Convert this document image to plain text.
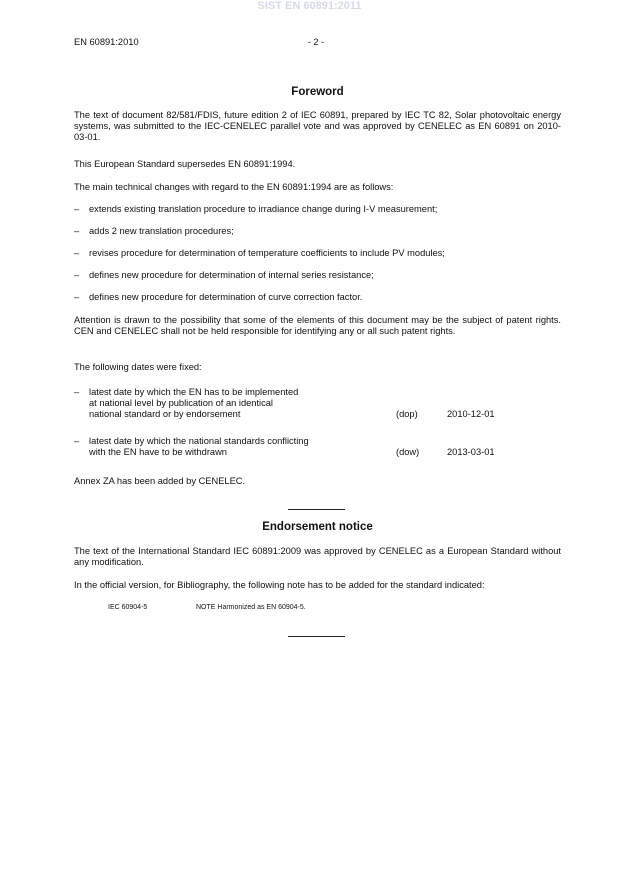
SIST EN 60891:2011
EN 60891:2010	- 2 -
Foreword
The text of document 82/581/FDIS, future edition 2 of IEC 60891, prepared by IEC TC 82, Solar photovoltaic energy systems, was submitted to the IEC-CENELEC parallel vote and was approved by CENELEC as EN 60891 on 2010-03-01.
This European Standard supersedes EN 60891:1994.
The main technical changes with regard to the EN 60891:1994 are as follows:
– extends existing translation procedure to irradiance change during I-V measurement;
– adds 2 new translation procedures;
– revises procedure for determination of temperature coefficients to include PV modules;
– defines new procedure for determination of internal series resistance;
– defines new procedure for determination of curve correction factor.
Attention is drawn to the possibility that some of the elements of this document may be the subject of patent rights. CEN and CENELEC shall not be held responsible for identifying any or all such patent rights.
The following dates were fixed:
– latest date by which the EN has to be implemented
at national level by publication of an identical
national standard or by endorsement	(dop)	2010-12-01
– latest date by which the national standards conflicting
with the EN have to be withdrawn	(dow)	2013-03-01
Annex ZA has been added by CENELEC.
Endorsement notice
The text of the International Standard IEC 60891:2009 was approved by CENELEC as a European Standard without any modification.
In the official version, for Bibliography, the following note has to be added for the standard indicated:
IEC 60904-5	NOTE Harmonized as EN 60904-5.
